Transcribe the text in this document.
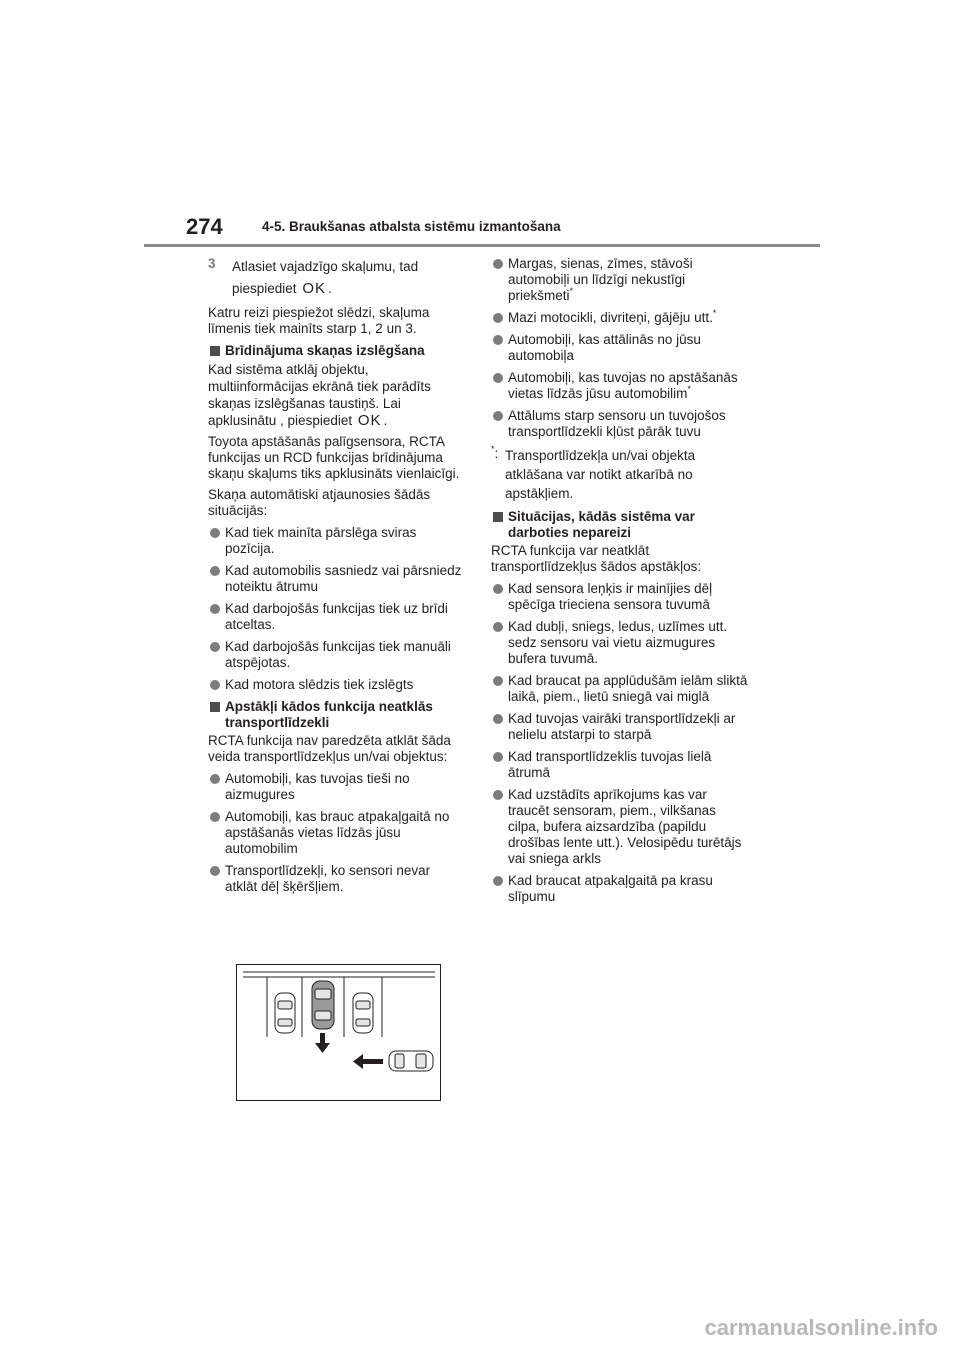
274	4-5. Braukšanas atbalsta sistēmu izmantošana
3	Atlasiet vajadzīgo skaļumu, tad piespiediet OK .

Katru reizi piespiežot slēdzi, skaļuma līmenis tiek mainīts starp 1, 2 un 3.

Brīdinājuma skaņas izslēgšana

Kad sistēma atklāj objektu, multiinformācijas ekrānā tiek parādīts skaņas izslēgšanas taustiņš. Lai apklusinātu , piespiediet OK .

Toyota apstāšanās palīgsensora, RCTA funkcijas un RCD funkcijas brīdinājuma skaņu skaļums tiks apklusināts vienlaicīgi.

Skaņa automātiski atjaunosies šādās situācijās:

Kad tiek mainīta pārslēga sviras pozīcija.
Kad automobilis sasniedz vai pārsniedz noteiktu ātrumu
Kad darbojošās funkcijas tiek uz brīdi atceltas.
Kad darbojošās funkcijas tiek manuāli atspējotas.
Kad motora slēdzis tiek izslēgts
Apstākļi kādos funkcija neatklās transportlīdzekli

RCTA funkcija nav paredzēta atklāt šāda veida transportlīdzekļus un/vai objektus:

Automobiļi, kas tuvojas tieši no aizmugures
Automobiļi, kas brauc atpakaļgaitā no apstāšanās vietas līdzās jūsu automobilim
Transportlīdzekļi, ko sensori nevar atklāt dēļ šķēršļiem.
Margas, sienas, zīmes, stāvoši automobiļi un līdzīgi nekustīgi priekšmeti*
Mazi motocikli, divriteņi, gājēju utt.*
Automobiļi, kas attālinās no jūsu automobiļa
Automobiļi, kas tuvojas no apstāšanās vietas līdzās jūsu automobilim*
Attālums starp sensoru un tuvojošos transportlīdzekli kļūst pārāk tuvu
*: Transportlīdzekļa un/vai objekta atklāšana var notikt atkarībā no apstākļiem.
Situācijas, kādās sistēma var darboties nepareizi

RCTA funkcija var neatklāt transportlīdzekļus šādos apstākļos:

Kad sensora leņķis ir mainījies dēļ spēcīga trieciena sensora tuvumā
Kad dubļi, sniegs, ledus, uzlīmes utt. sedz sensoru vai vietu aizmugures bufera tuvumā.
Kad braucat pa applūdušām ielām sliktā laikā, piem., lietū sniegā vai miglā
Kad tuvojas vairāki transportlīdzekļi ar nelielu atstarpi to starpā
Kad transportlīdzeklis tuvojas lielā ātrumā
Kad uzstādīts aprīkojums kas var traucēt sensoram, piem., vilkšanas cilpa, bufera aizsardzība (papildu drošības lente utt.). Velosipēdu turētājs vai sniega arkls
Kad braucat atpakaļgaitā pa krasu slīpumu
carmanualsonline.info
